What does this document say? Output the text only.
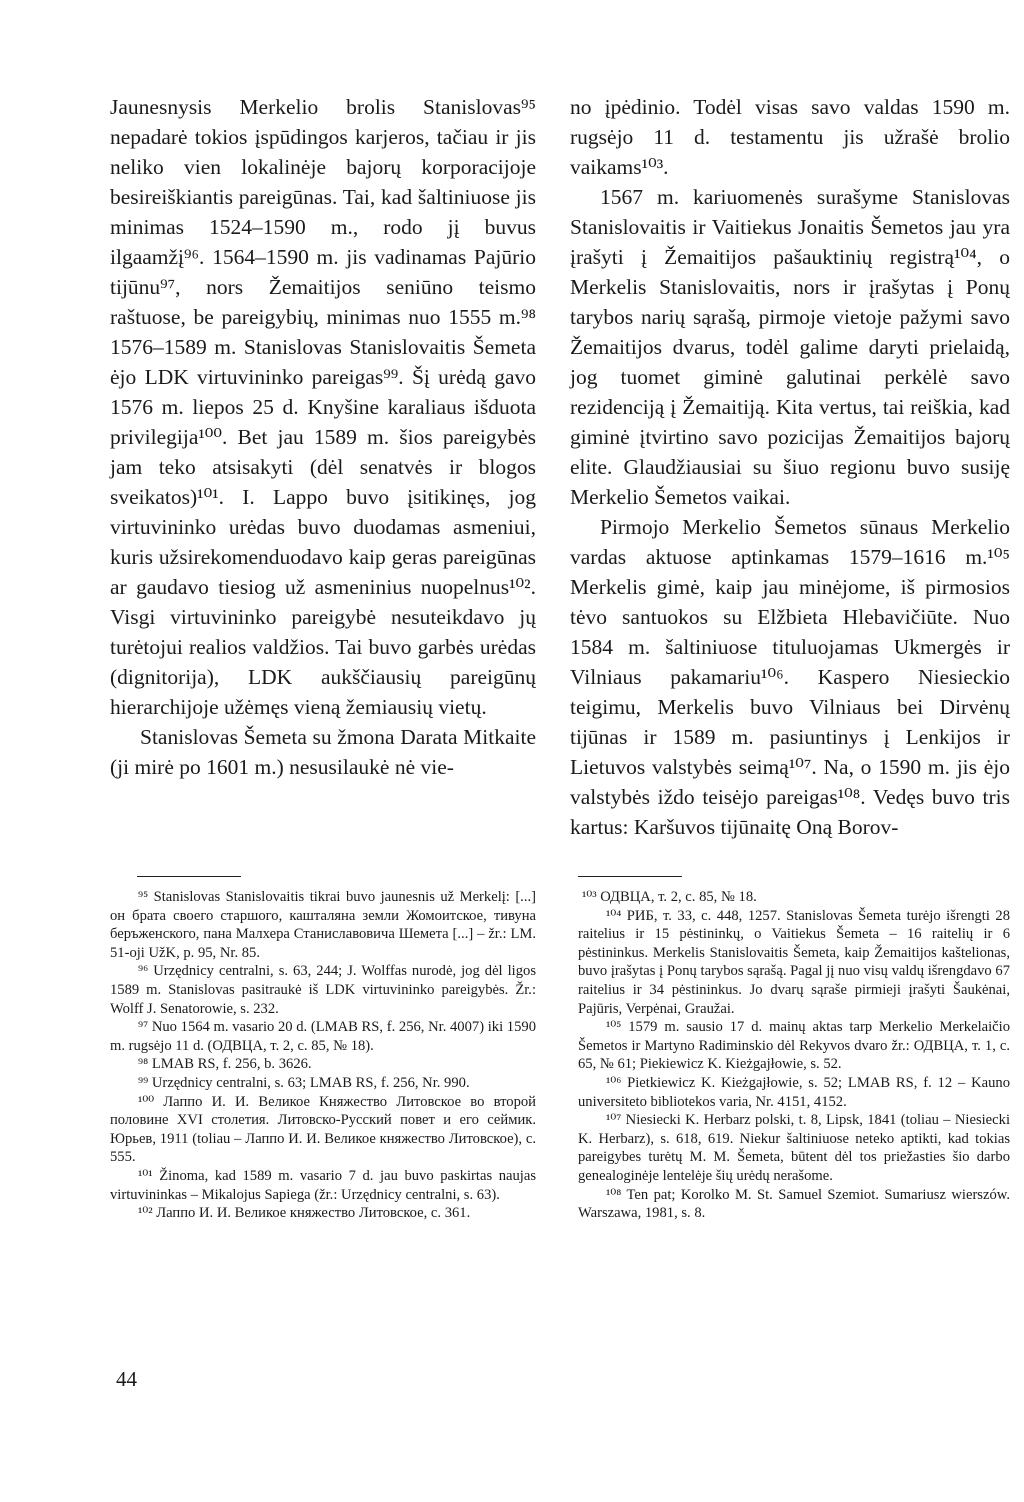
Jaunesnysis Merkelio brolis Stanislovas⁹⁵ nepadarė tokios įspūdingos karjeros, tačiau ir jis neliko vien lokalinėje bajorų korporacijoje besireiškiantis pareigūnas. Tai, kad šaltiniuose jis minimas 1524–1590 m., rodo jį buvus ilgaamžį⁹⁶. 1564–1590 m. jis vadinamas Pajūrio tijūnu⁹⁷, nors Žemaitijos seniūno teismo raštuose, be pareigybių, minimas nuo 1555 m.⁹⁸ 1576–1589 m. Stanislovas Stanislovaitis Šemeta ėjo LDK virtuvininko pareigas⁹⁹. Šį urėdą gavo 1576 m. liepos 25 d. Knyšine karaliaus išduota privilegija¹⁰⁰. Bet jau 1589 m. šios pareigybės jam teko atsisakyti (dėl senatvės ir blogos sveikatos)¹⁰¹. I. Lappo buvo įsitikinęs, jog virtuvininko urėdas buvo duodamas asmeniui, kuris užsirekomenduodavo kaip geras pareigūnas ar gaudavo tiesiog už asmeninius nuopelnus¹⁰². Visgi virtuvininko pareigybė nesuteikdavo jų turėtojui realios valdžios. Tai buvo garbės urėdas (dignitorija), LDK aukščiausių pareigūnų hierarchijoje užėmęs vieną žemiausių vietų.

Stanislovas Šemeta su žmona Darata Mitkaite (ji mirė po 1601 m.) nesusilaukė nė vie-

no įpėdinio. Todėl visas savo valdas 1590 m. rugsėjo 11 d. testamentu jis užrašė brolio vaikams¹⁰³.

1567 m. kariuomenės surašyme Stanislovas Stanislovaitis ir Vaitiekus Jonaitis Šemetos jau yra įrašyti į Žemaitijos pašauktinių registrą¹⁰⁴, o Merkelis Stanislovaitis, nors ir įrašytas į Ponų tarybos narių sąrašą, pirmoje vietoje pažymi savo Žemaitijos dvarus, todėl galime daryti prielaidą, jog tuomet giminė galutinai perkėlė savo rezidenciją į Žemaitiją. Kita vertus, tai reiškia, kad giminė įtvirtino savo pozicijas Žemaitijos bajorų elite. Glaudžiausiai su šiuo regionu buvo susiję Merkelio Šemetos vaikai.

Pirmojo Merkelio Šemetos sūnaus Merkelio vardas aktuose aptinkamas 1579–1616 m.¹⁰⁵ Merkelis gimė, kaip jau minėjome, iš pirmosios tėvo santuokos su Elžbieta Hlebavičiūte. Nuo 1584 m. šaltiniuose tituluojamas Ukmergės ir Vilniaus pakamariu¹⁰⁶. Kaspero Niesieckio teigimu, Merkelis buvo Vilniaus bei Dirvėnų tijūnas ir 1589 m. pasiuntinys į Lenkijos ir Lietuvos valstybės seimą¹⁰⁷. Na, o 1590 m. jis ėjo valstybės iždo teisėjo pareigas¹⁰⁸. Vedęs buvo tris kartus: Karšuvos tijūnaitę Oną Borov-

⁹⁵ Stanislovas Stanislovaitis tikrai buvo jaunesnis už Merkelį: [...] он брата своего старшого, кашталяна земли Жомоитское, тивуна беръженского, пана Малхера Станиславовича Шемета [...] – žr.: LM. 51-oji UžK, p. 95, Nr. 85.

⁹⁶ Urzędnicy centralni, s. 63, 244; J. Wolffas nurodė, jog dėl ligos 1589 m. Stanislovas pasitraukė iš LDK virtuvininko pareigybės. Žr.: Wolff J. Senatorowie, s. 232.

⁹⁷ Nuo 1564 m. vasario 20 d. (LMAB RS, f. 256, Nr. 4007) iki 1590 m. rugsėjo 11 d. (ОДВЦА, т. 2, с. 85, № 18).

⁹⁸ LMAB RS, f. 256, b. 3626.

⁹⁹ Urzędnicy centralni, s. 63; LMAB RS, f. 256, Nr. 990.

¹⁰⁰ Лаппо И. И. Великое Княжество Литовское во второй половине XVI столетия. Литовско-Русский повет и его сеймик. Юрьев, 1911 (toliau – Лаппо И. И. Великое княжество Литовское), с. 555.

¹⁰¹ Žinoma, kad 1589 m. vasario 7 d. jau buvo paskirtas naujas virtuvininkas – Mikalojus Sapiega (žr.: Urzędnicy centralni, s. 63).

¹⁰² Лаппо И. И. Великое княжество Литовское, с. 361.

¹⁰³ ОДВЦА, т. 2, с. 85, № 18.

¹⁰⁴ РИБ, т. 33, с. 448, 1257. Stanislovas Šemeta turėjo išrengti 28 raitelius ir 15 pėstininkų, o Vaitiekus Šemeta – 16 raitelių ir 6 pėstininkus. Merkelis Stanislovaitis Šemeta, kaip Žemaitijos kaštelionas, buvo įrašytas į Ponų tarybos sąrašą. Pagal jį nuo visų valdų išrengdavo 67 raitelius ir 34 pėstininkus. Jo dvarų sąraše pirmieji įrašyti Šaukėnai, Pajūris, Verpėnai, Graužai.

¹⁰⁵ 1579 m. sausio 17 d. mainų aktas tarp Merkelio Merkelaičio Šemetos ir Martyno Radiminskio dėl Rekyvos dvaro žr.: ОДВЦА, т. 1, с. 65, № 61; Piekiewicz K. Kieżgajłowie, s. 52.

¹⁰⁶ Pietkiewicz K. Kieżgajłowie, s. 52; LMAB RS, f. 12 – Kauno universiteto bibliotekos varia, Nr. 4151, 4152.

¹⁰⁷ Niesiecki K. Herbarz polski, t. 8, Lipsk, 1841 (toliau – Niesiecki K. Herbarz), s. 618, 619. Niekur šaltiniuose neteko aptikti, kad tokias pareigybes turėtų M. M. Šemeta, būtent dėl tos priežasties šio darbo genealoginėje lentelėje šių urėdų nerašome.

¹⁰⁸ Ten pat; Korolko M. St. Samuel Szemiot. Sumariusz wierszów. Warszawa, 1981, s. 8.

44
